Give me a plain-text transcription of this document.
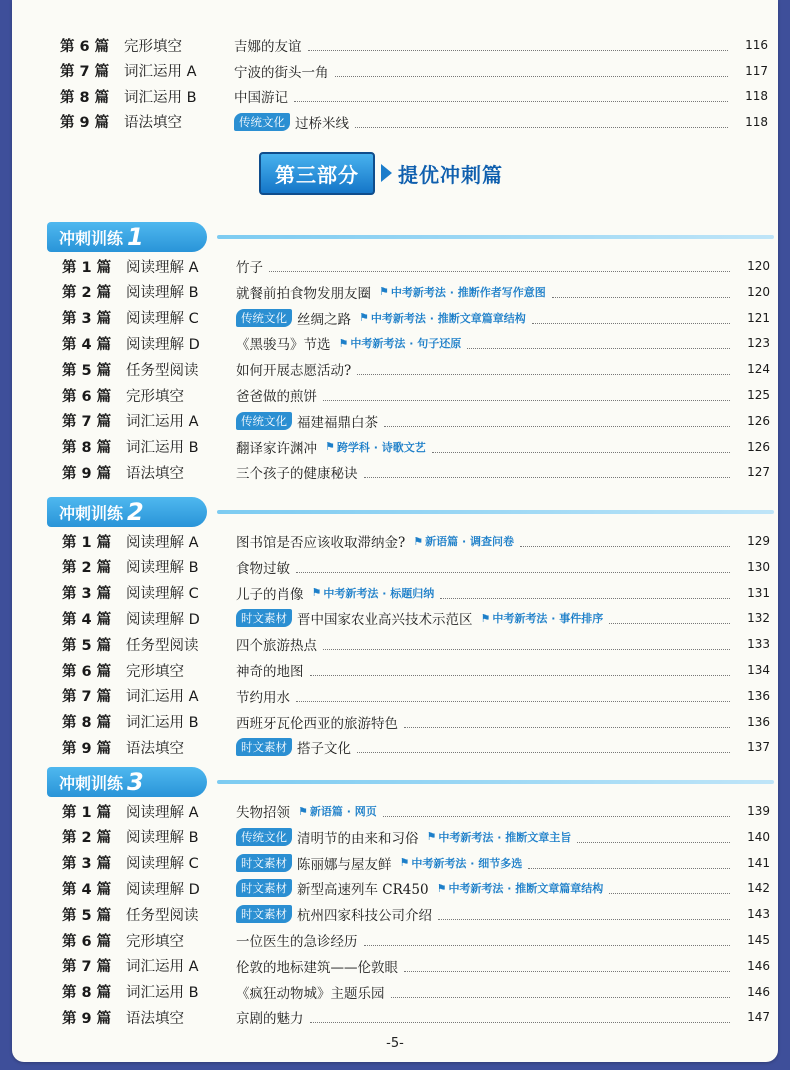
第 6 篇	完形填空	吉娜的友谊	116
第 7 篇	词汇运用 A	宁波的街头一角	117
第 8 篇	词汇运用 B	中国游记	118
第 9 篇	语法填空	传统文化 过桥米线	118
第三部分	提优冲刺篇
冲刺训练 1
第 1 篇	阅读理解 A	竹子	120
第 2 篇	阅读理解 B	就餐前拍食物发朋友圈 ⚑ 中考新考法 · 推断作者写作意图	120
第 3 篇	阅读理解 C	传统文化 丝绸之路 ⚑ 中考新考法 · 推断文章篇章结构	121
第 4 篇	阅读理解 D	《黑骏马》节选 ⚑ 中考新考法 · 句子还原	123
第 5 篇	任务型阅读	如何开展志愿活动?	124
第 6 篇	完形填空	爸爸做的煎饼	125
第 7 篇	词汇运用 A	传统文化 福建福鼎白茶	126
第 8 篇	词汇运用 B	翻译家许渊冲 ⚑ 跨学科 · 诗歌文艺	126
第 9 篇	语法填空	三个孩子的健康秘诀	127
冲刺训练 2
第 1 篇	阅读理解 A	图书馆是否应该收取滞纳金? ⚑ 新语篇 · 调查问卷	129
第 2 篇	阅读理解 B	食物过敏	130
第 3 篇	阅读理解 C	儿子的肖像 ⚑ 中考新考法 · 标题归纳	131
第 4 篇	阅读理解 D	时文素材 晋中国家农业高兴技术示范区 ⚑ 中考新考法 · 事件排序	132
第 5 篇	任务型阅读	四个旅游热点	133
第 6 篇	完形填空	神奇的地图	134
第 7 篇	词汇运用 A	节约用水	136
第 8 篇	词汇运用 B	西班牙瓦伦西亚的旅游特色	136
第 9 篇	语法填空	时文素材 搭子文化	137
冲刺训练 3
第 1 篇	阅读理解 A	失物招领 ⚑ 新语篇 · 网页	139
第 2 篇	阅读理解 B	传统文化 清明节的由来和习俗 ⚑ 中考新考法 · 推断文章主旨	140
第 3 篇	阅读理解 C	时文素材 陈丽娜与屋友鲜 ⚑ 中考新考法 · 细节多选	141
第 4 篇	阅读理解 D	时文素材 新型高速列车 CR450 ⚑ 中考新考法 · 推断文章篇章结构	142
第 5 篇	任务型阅读	时文素材 杭州四家科技公司介绍	143
第 6 篇	完形填空	一位医生的急诊经历	145
第 7 篇	词汇运用 A	伦敦的地标建筑——伦敦眼	146
第 8 篇	词汇运用 B	《疯狂动物城》主题乐园	146
第 9 篇	语法填空	京剧的魅力	147
-5-
